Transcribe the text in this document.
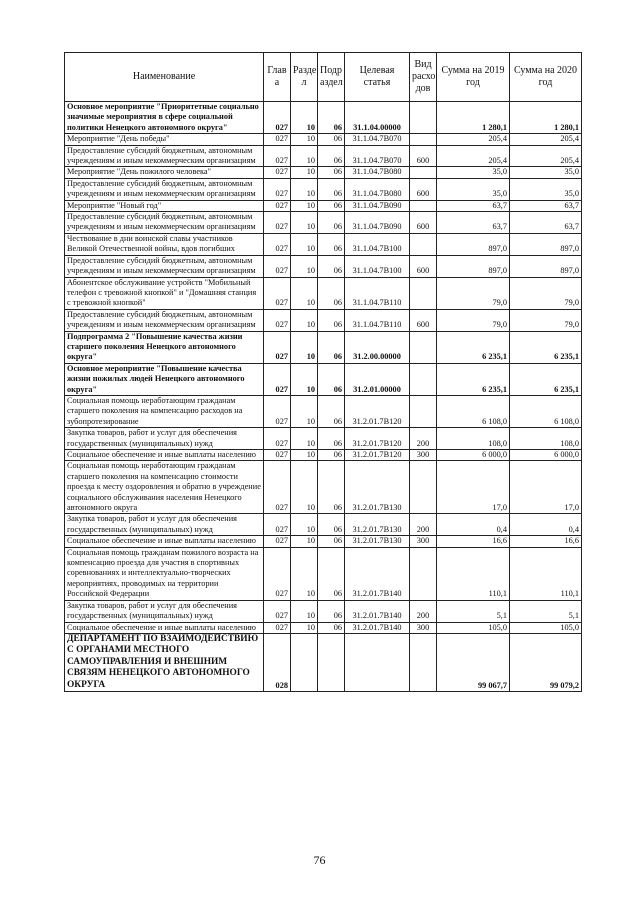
Наименование	Глав а	Разде л	Подр аздел	Целевая статья	Вид расхо дов	Сумма на 2019 год	Сумма на 2020 год
Основное мероприятие "Приоритетные социально значимые мероприятия в сфере социальной политики Ненецкого автономного округа"	027	10	06	31.1.04.00000		1 280,1	1 280,1
Мероприятие "День победы"	027	10	06	31.1.04.7В070		205,4	205,4
Предоставление субсидий бюджетным, автономным учреждениям и иным некоммерческим организациям	027	10	06	31.1.04.7В070	600	205,4	205,4
Мероприятие "День пожилого человека"	027	10	06	31.1.04.7В080		35,0	35,0
Предоставление субсидий бюджетным, автономным учреждениям и иным некоммерческим организациям	027	10	06	31.1.04.7В080	600	35,0	35,0
Мероприятие "Новый год"	027	10	06	31.1.04.7В090		63,7	63,7
Предоставление субсидий бюджетным, автономным учреждениям и иным некоммерческим организациям	027	10	06	31.1.04.7В090	600	63,7	63,7
Чествование в дни воинской славы участников Великой Отечественной войны, вдов погибших	027	10	06	31.1.04.7В100		897,0	897,0
Предоставление субсидий бюджетным, автономным учреждениям и иным некоммерческим организациям	027	10	06	31.1.04.7В100	600	897,0	897,0
Абонентское обслуживание устройств "Мобильный телефон с тревожной кнопкой" и "Домашняя станция с тревожной кнопкой"	027	10	06	31.1.04.7В110		79,0	79,0
Предоставление субсидий бюджетным, автономным учреждениям и иным некоммерческим организациям	027	10	06	31.1.04.7В110	600	79,0	79,0
Подпрограмма 2 "Повышение качества жизни старшего поколения Ненецкого автономного округа"	027	10	06	31.2.00.00000		6 235,1	6 235,1
Основное мероприятие "Повышение качества жизни пожилых людей Ненецкого автономного округа"	027	10	06	31.2.01.00000		6 235,1	6 235,1
Социальная помощь неработающим гражданам старшего поколения на компенсацию расходов на зубопротезирование	027	10	06	31.2.01.7В120		6 108,0	6 108,0
Закупка товаров, работ и услуг для обеспечения государственных (муниципальных) нужд	027	10	06	31.2.01.7В120	200	108,0	108,0
Социальное обеспечение и иные выплаты населению	027	10	06	31.2.01.7В120	300	6 000,0	6 000,0
Социальная помощь неработающим гражданам старшего поколения на компенсацию стоимости проезда к месту оздоровления и обратно в учреждение социального обслуживания населения Ненецкого автономного округа	027	10	06	31.2.01.7В130		17,0	17,0
Закупка товаров, работ и услуг для обеспечения государственных (муниципальных) нужд	027	10	06	31.2.01.7В130	200	0,4	0,4
Социальное обеспечение и иные выплаты населению	027	10	06	31.2.01.7В130	300	16,6	16,6
Социальная помощь гражданам пожилого возраста на компенсацию проезда для участия в спортивных соревнованиях и интеллектуально-творческих мероприятиях, проводимых на территории Российской Федерации	027	10	06	31.2.01.7В140		110,1	110,1
Закупка товаров, работ и услуг для обеспечения государственных (муниципальных) нужд	027	10	06	31.2.01.7В140	200	5,1	5,1
Социальное обеспечение и иные выплаты населению	027	10	06	31.2.01.7В140	300	105,0	105,0
ДЕПАРТАМЕНТ ПО ВЗАИМОДЕЙСТВИЮ С ОРГАНАМИ МЕСТНОГО САМОУПРАВЛЕНИЯ И ВНЕШНИМ СВЯЗЯМ НЕНЕЦКОГО АВТОНОМНОГО ОКРУГА	028					99 067,7	99 079,2
76
